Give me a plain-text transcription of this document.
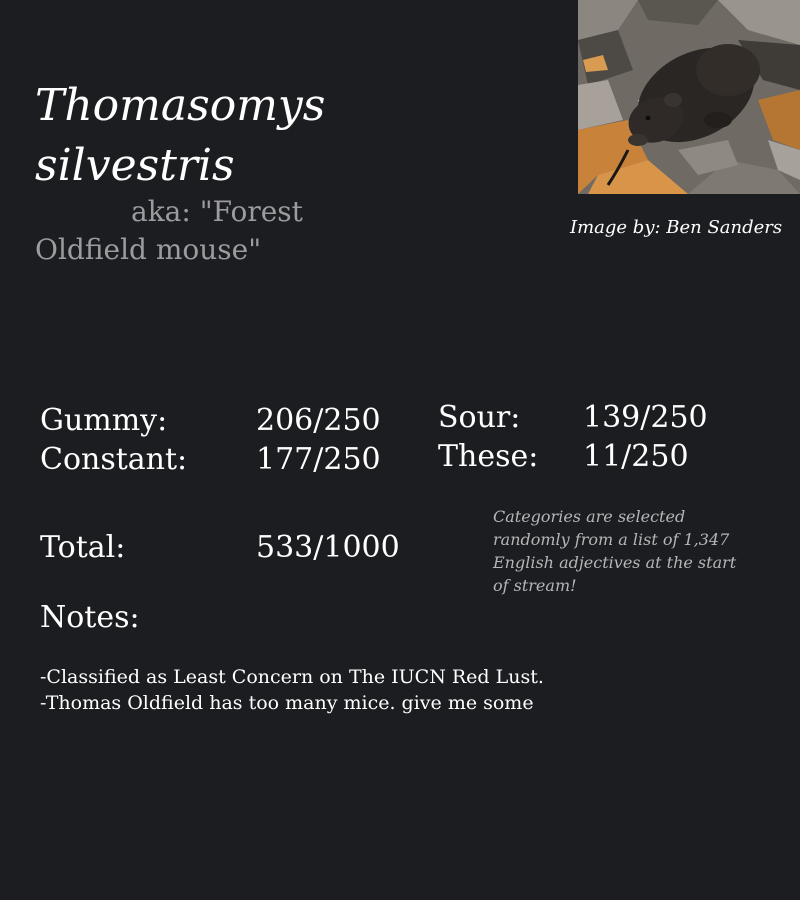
Thomasomys
silvestris
aka: "Forest Oldfield mouse"
Image by: Ben Sanders
Gummy:	206/250
Constant: 177/250
Sour: 139/250
These: 11/250
Total:	533/1000
Categories are selected randomly from a list of 1,347 English adjectives at the start of stream!
Notes:
-Classified as Least Concern on The IUCN Red Lust.
-Thomas Oldfield has too many mice. give me some
